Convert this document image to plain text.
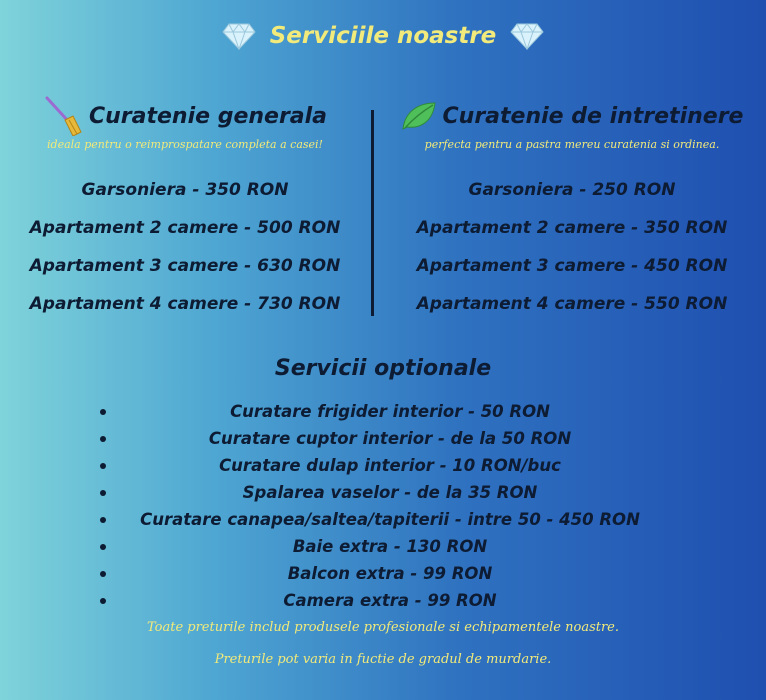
Serviciile noastre
Curatenie generala
ideala pentru o reimprospatare completa a casei!
Garsoniera - 350 RON
Apartament 2 camere - 500 RON
Apartament 3 camere - 630 RON
Apartament 4 camere - 730 RON
Curatenie de intretinere
perfecta pentru a pastra mereu curatenia si ordinea.
Garsoniera - 250 RON
Apartament 2 camere - 350 RON
Apartament 3 camere - 450 RON
Apartament 4 camere - 550 RON
Servicii optionale
Curatare frigider interior - 50 RON
Curatare cuptor interior - de la 50 RON
Curatare dulap interior - 10 RON/buc
Spalarea vaselor - de la 35 RON
Curatare canapea/saltea/tapiterii - intre 50 - 450 RON
Baie extra - 130 RON
Balcon extra - 99 RON
Camera extra - 99 RON
Toate preturile includ produsele profesionale si echipamentele noastre.
Preturile pot varia in fuctie de gradul de murdarie.
